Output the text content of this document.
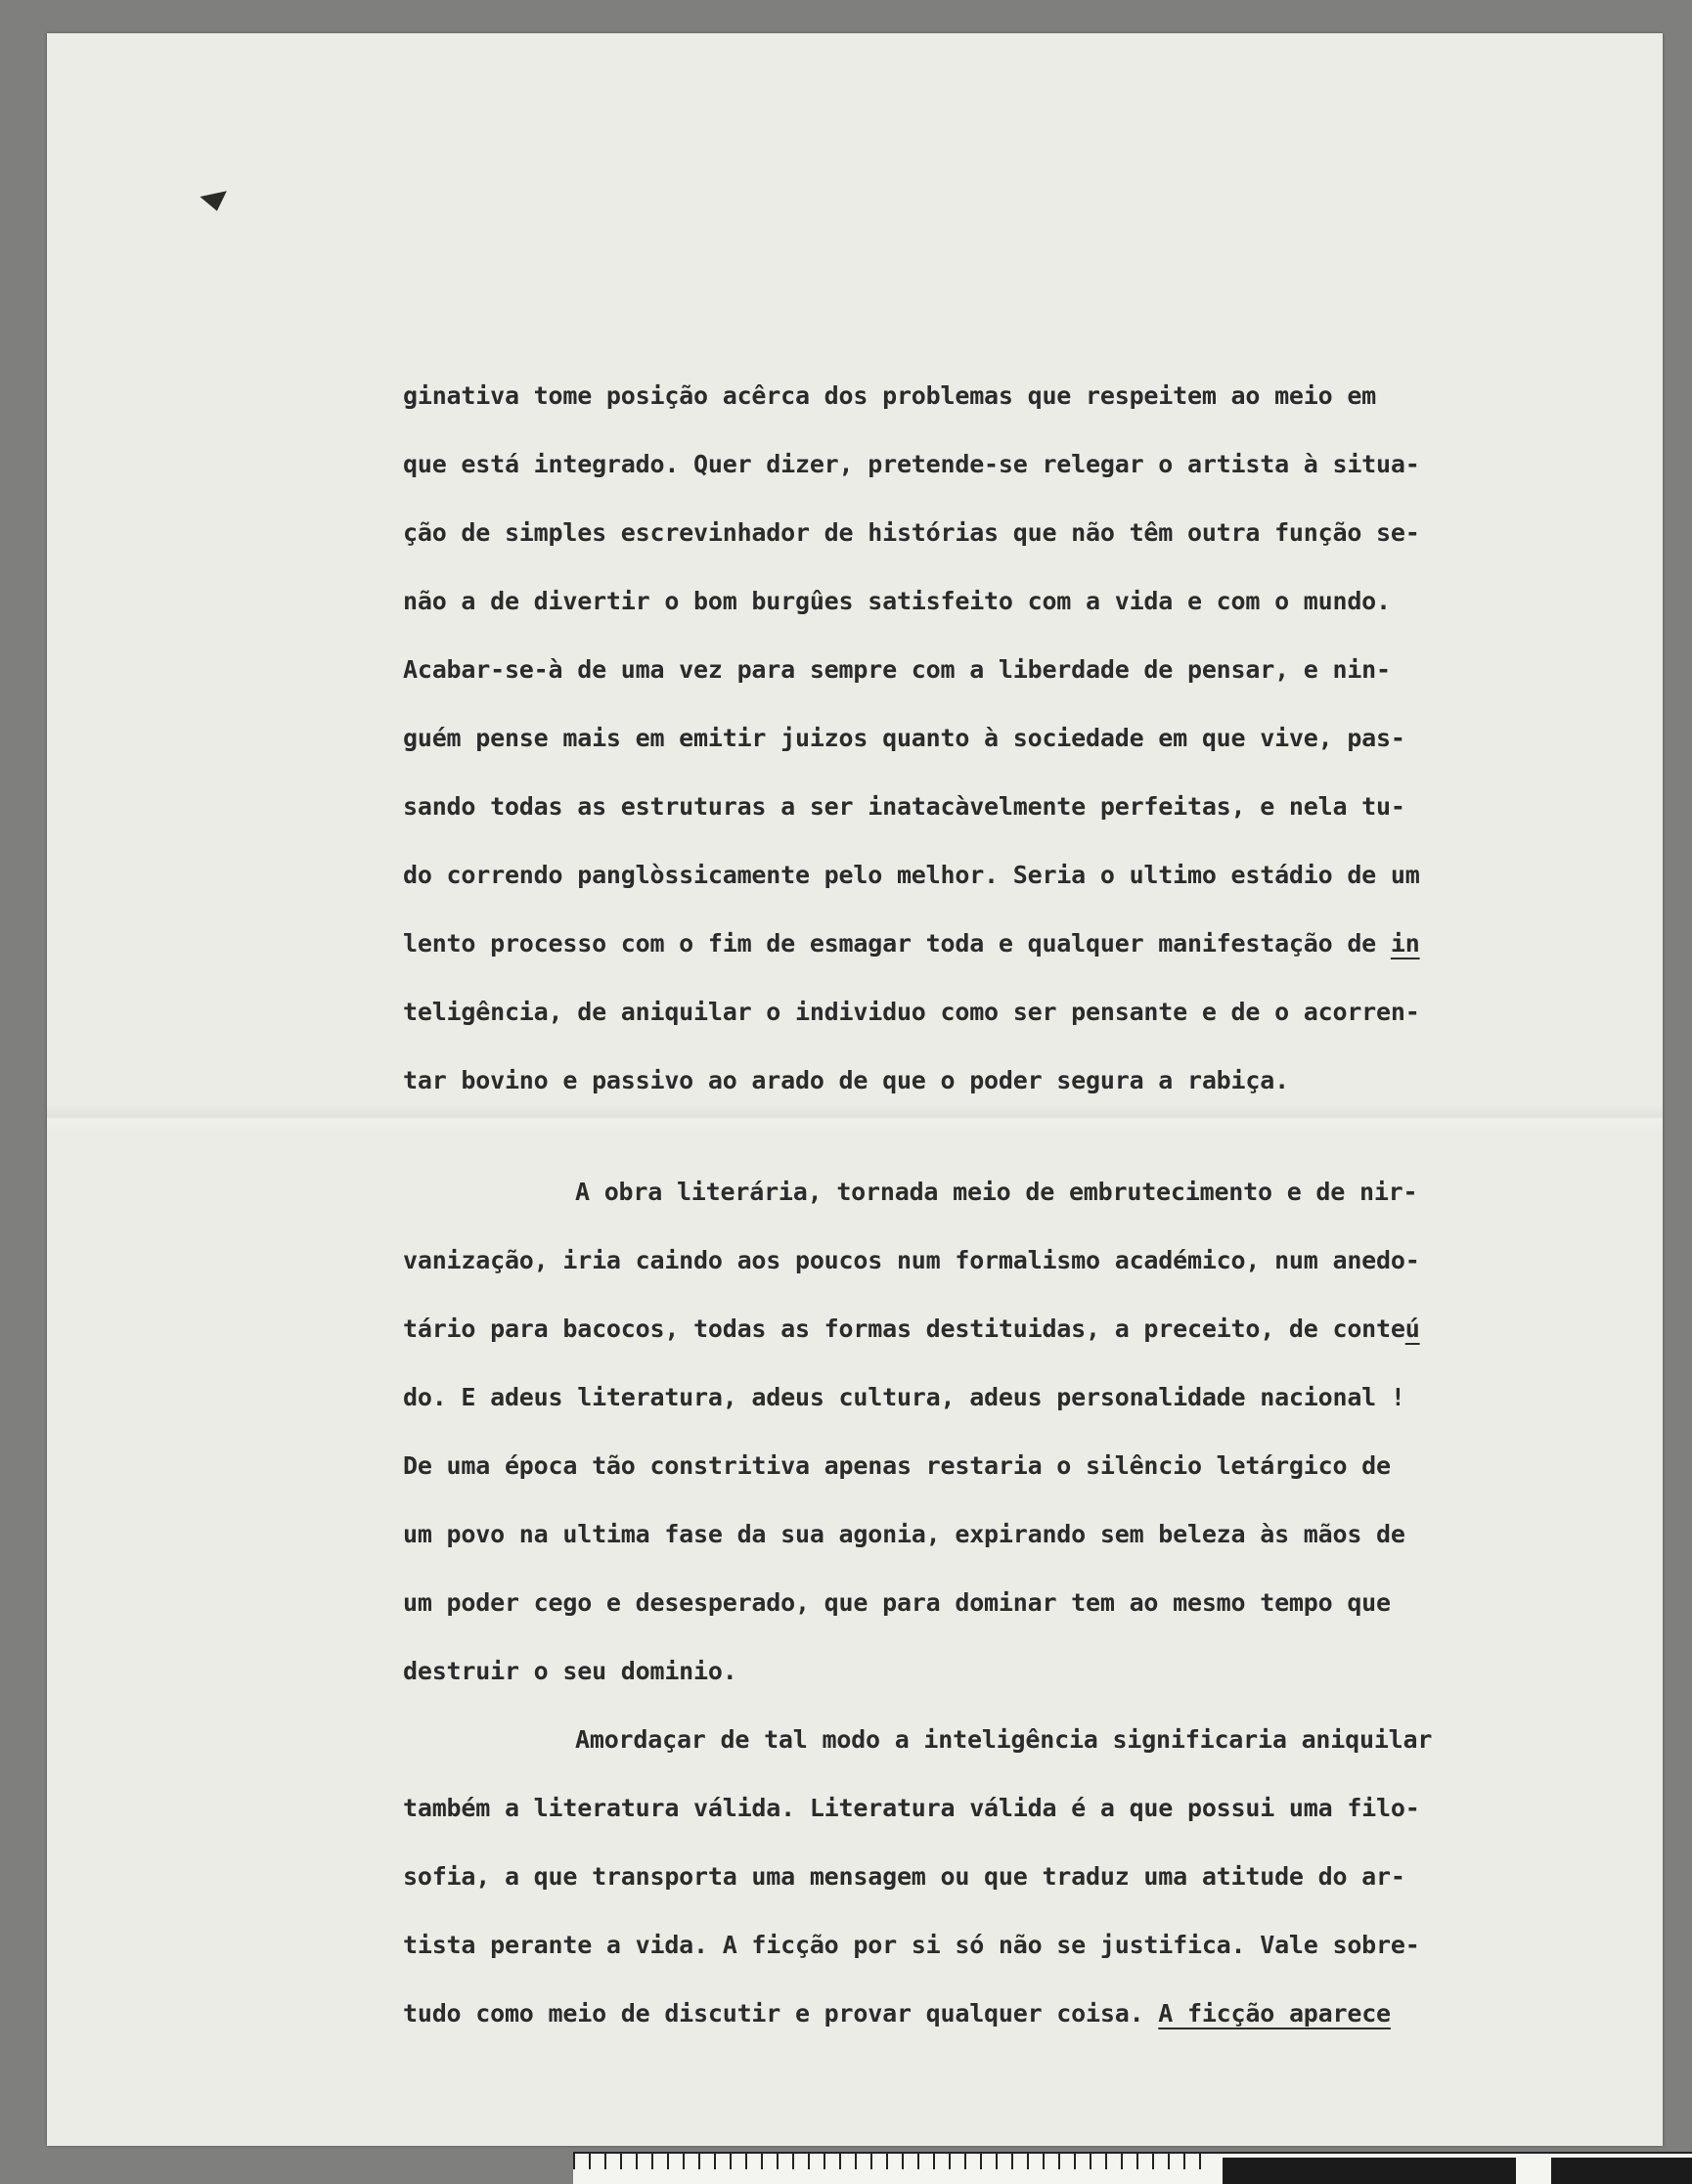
ginativa tome posição acêrca dos problemas que respeitem ao meio em
que está integrado. Quer dizer, pretende-se relegar o artista à situa-
ção de simples escrevinhador de histórias que não têm outra função se-
não a de divertir o bom burgûes satisfeito com a vida e com o mundo.
Acabar-se-à de uma vez para sempre com a liberdade de pensar, e nin-
guém pense mais em emitir juizos quanto à sociedade em que vive, pas-
sando todas as estruturas a ser inatacàvelmente perfeitas, e nela tu-
do correndo panglòssicamente pelo melhor. Seria o ultimo estádio de um
lento processo com o fim de esmagar toda e qualquer manifestação de in
teligência, de aniquilar o individuo como ser pensante e de o acorren-
tar bovino e passivo ao arado de que o poder segura a rabiça.
A obra literária, tornada meio de embrutecimento e de nir-
vanização, iria caindo aos poucos num formalismo académico, num anedo-
tário para bacocos, todas as formas destituidas, a preceito, de conteú
do. E adeus literatura, adeus cultura, adeus personalidade nacional !
De uma época tão constritiva apenas restaria o silêncio letárgico de
um povo na ultima fase da sua agonia, expirando sem beleza às mãos de
um poder cego e desesperado, que para dominar tem ao mesmo tempo que
destruir o seu dominio.
Amordaçar de tal modo a inteligência significaria aniquilar
também a literatura válida. Literatura válida é a que possui uma filo-
sofia, a que transporta uma mensagem ou que traduz uma atitude do ar-
tista perante a vida. A ficção por si só não se justifica. Vale sobre-
tudo como meio de discutir e provar qualquer coisa. A ficção aparece
